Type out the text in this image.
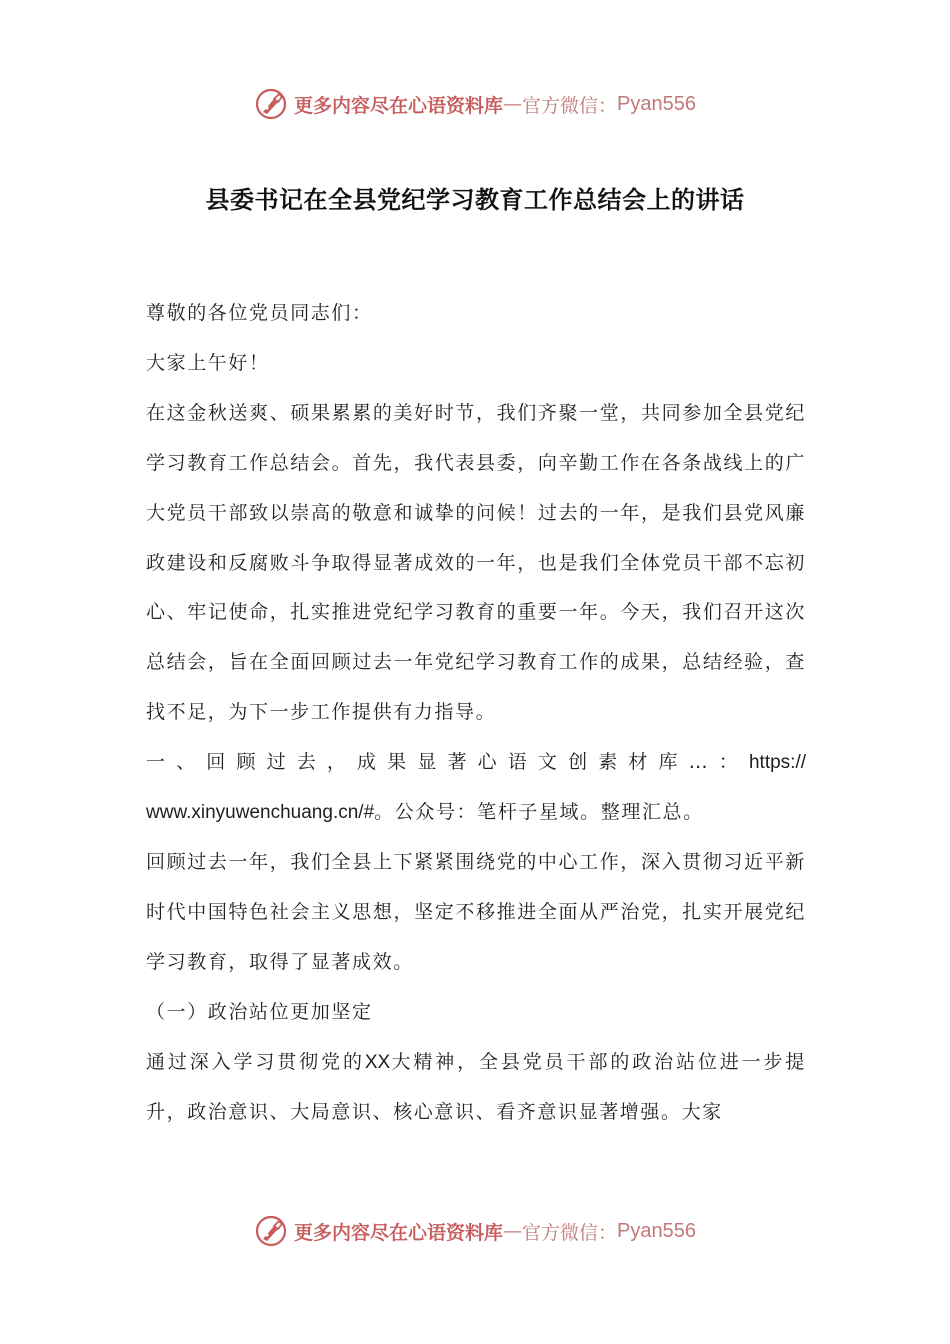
更多内容尽在心语资料库 — 官方微信： Pyan556
县委书记在全县党纪学习教育工作总结会上的讲话

尊敬的各位党员同志们：

大家上午好！

在这金秋送爽、硕果累累的美好时节，我们齐聚一堂，共同参加全县党纪学习教育工作总结会。首先，我代表县委，向辛勤工作在各条战线上的广大党员干部致以崇高的敬意和诚挚的问候！过去的一年，是我们县党风廉政建设和反腐败斗争取得显著成效的一年，也是我们全体党员干部不忘初心、牢记使命，扎实推进党纪学习教育的重要一年。今天，我们召开这次总结会，旨在全面回顾过去一年党纪学习教育工作的成果，总结经验，查找不足，为下一步工作提供有力指导。

一、回顾过去，成果显著心语文创素材库…：https://

www.xinyuwenchuang.cn/#。公众号：笔杆子星域。整理汇总。

回顾过去一年，我们全县上下紧紧围绕党的中心工作，深入贯彻习近平新时代中国特色社会主义思想，坚定不移推进全面从严治党，扎实开展党纪学习教育，取得了显著成效。

（一）政治站位更加坚定

通过深入学习贯彻党的XX大精神，全县党员干部的政治站位进一步提升，政治意识、大局意识、核心意识、看齐意识显著增强。大家

更多内容尽在心语资料库 — 官方微信： Pyan556
